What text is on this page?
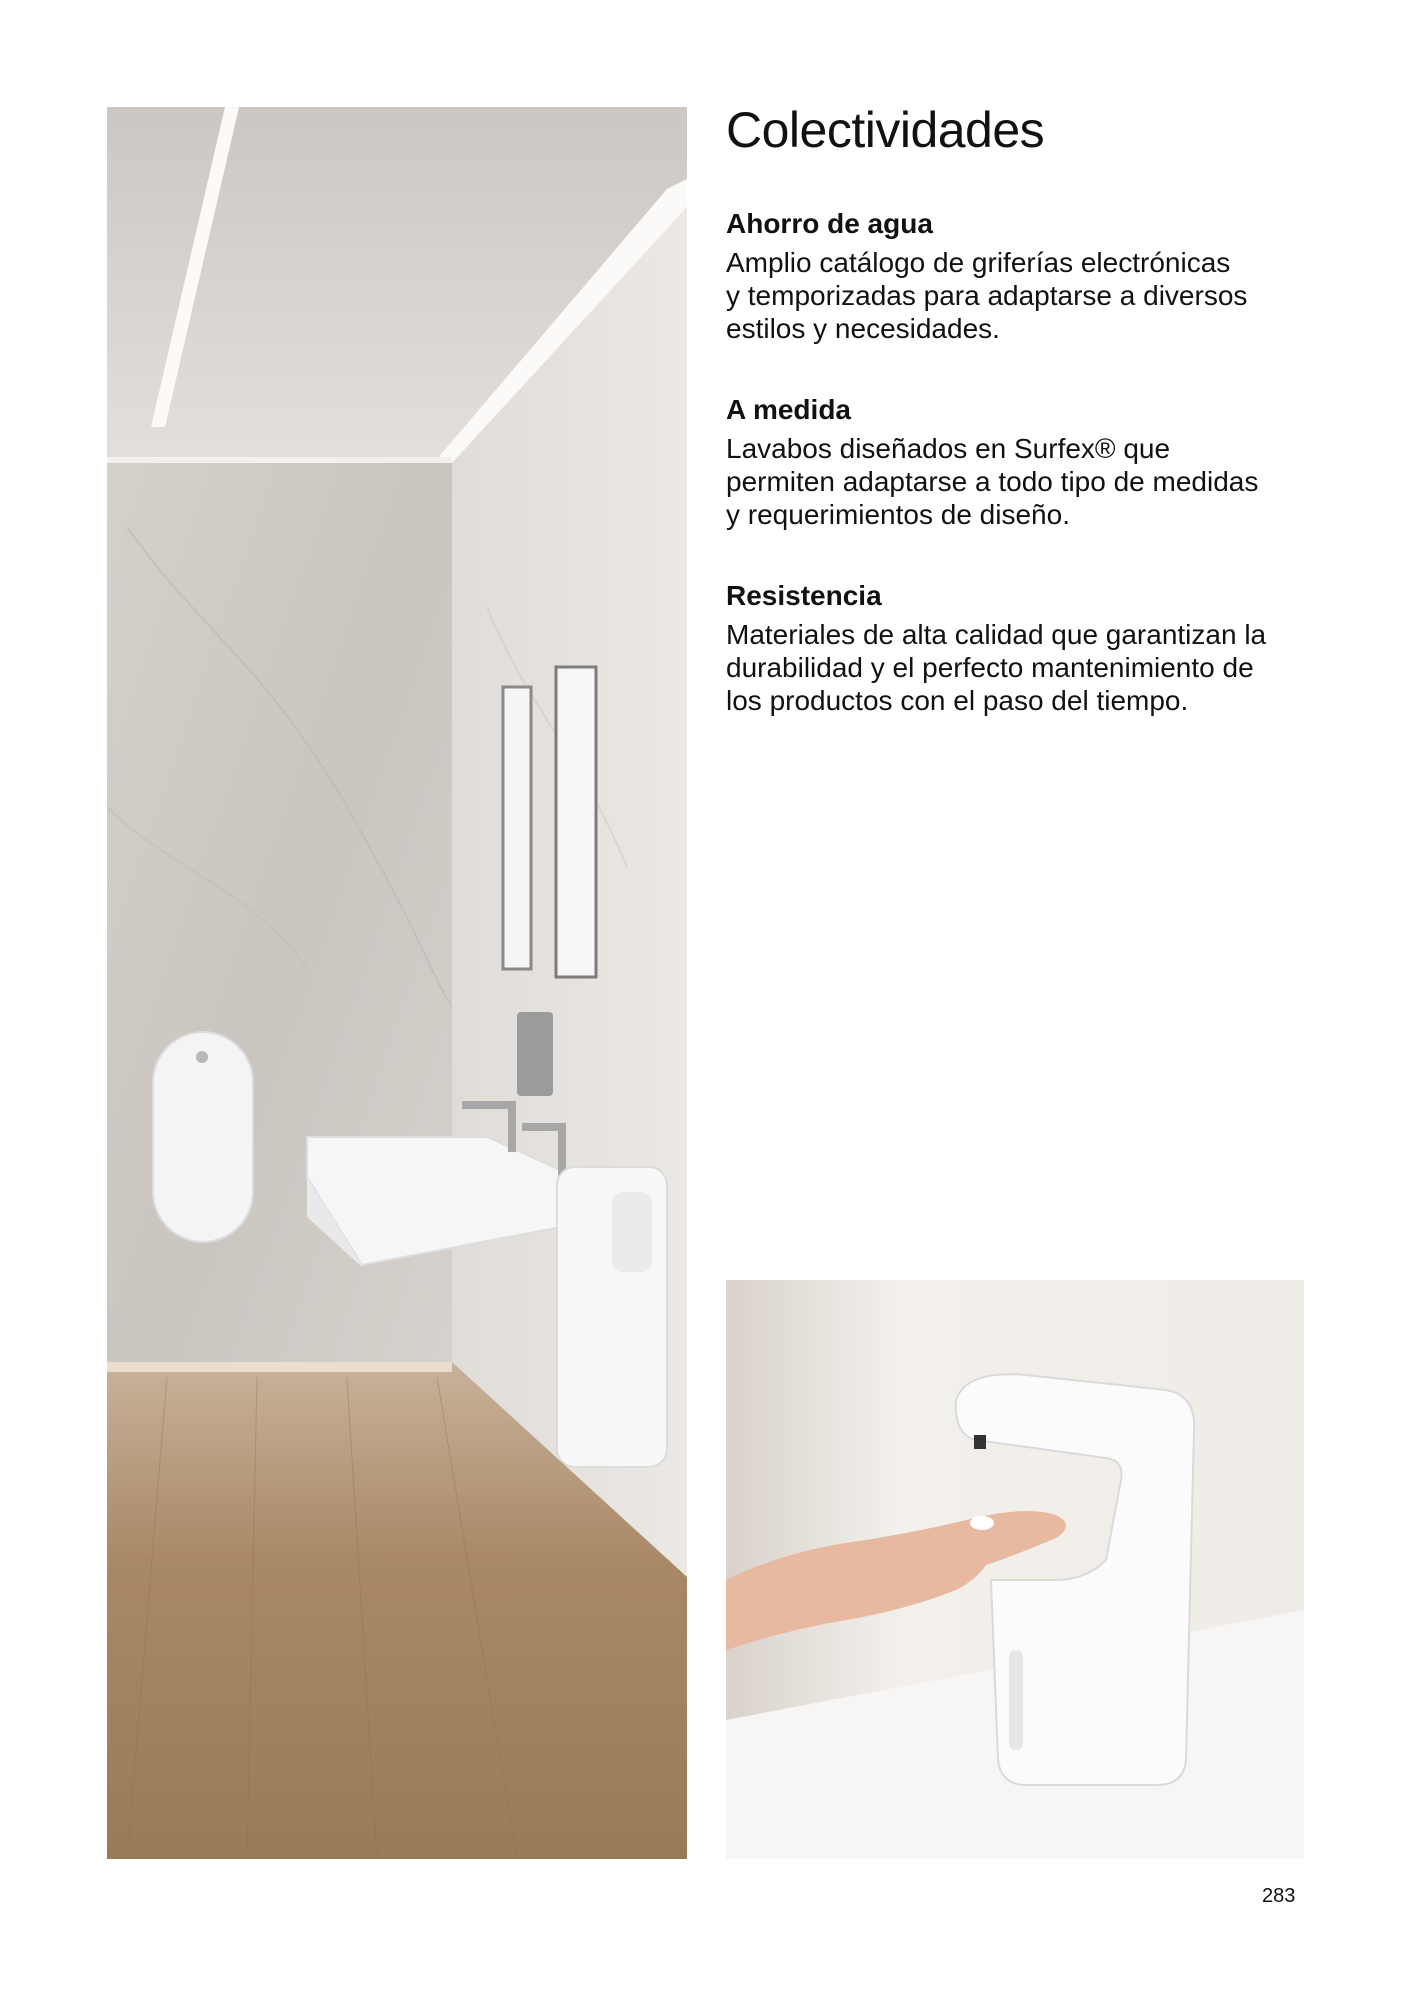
Colectividades
Ahorro de agua

Amplio catálogo de griferías electrónicas
y temporizadas para adaptarse a diversos
estilos y necesidades.

A medida

Lavabos diseñados en Surfex® que
permiten adaptarse a todo tipo de medidas
y requerimientos de diseño.

Resistencia

Materiales de alta calidad que garantizan la
durabilidad y el perfecto mantenimiento de
los productos con el paso del tiempo.

283
